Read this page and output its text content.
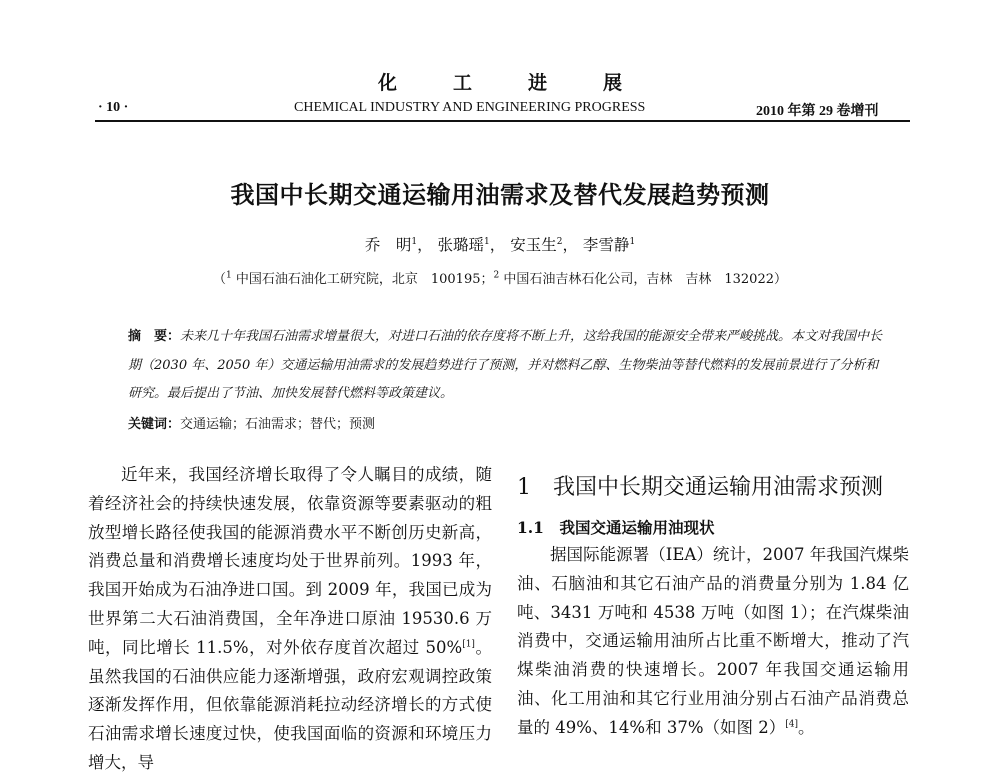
化工进展
· 10 ·	CHEMICAL INDUSTRY AND ENGINEERING PROGRESS	2010 年第 29 卷增刊
我国中长期交通运输用油需求及替代发展趋势预测
乔　明$^1$， 张璐瑶$^1$， 安玉生$^2$， 李雪静$^1$
（$^1$ 中国石油石油化工研究院，北京　100195；$^2$ 中国石油吉林石化公司，吉林　吉林　132022）
摘　要：未来几十年我国石油需求增量很大，对进口石油的依存度将不断上升，这给我国的能源安全带来严峻挑战。本文对我国中长期（2030 年、2050 年）交通运输用油需求的发展趋势进行了预测，并对燃料乙醇、生物柴油等替代燃料的发展前景进行了分析和研究。最后提出了节油、加快发展替代燃料等政策建议。
关键词：交通运输；石油需求；替代；预测
近年来，我国经济增长取得了令人瞩目的成绩，随着经济社会的持续快速发展，依靠资源等要素驱动的粗放型增长路径使我国的能源消费水平不断创历史新高，消费总量和消费增长速度均处于世界前列。1993 年，我国开始成为石油净进口国。到 2009 年，我国已成为世界第二大石油消费国，全年净进口原油 19530.6 万吨，同比增长 11.5%，对外依存度首次超过 50%[1]。虽然我国的石油供应能力逐渐增强，政府宏观调控政策逐渐发挥作用，但依靠能源消耗拉动经济增长的方式使石油需求增长速度过快，使我国面临的资源和环境压力增大，导
1　我国中长期交通运输用油需求预测
1.1　我国交通运输用油现状
据国际能源署（IEA）统计，2007 年我国汽煤柴油、石脑油和其它石油产品的消费量分别为 1.84 亿吨、3431 万吨和 4538 万吨（如图 1）；在汽煤柴油消费中，交通运输用油所占比重不断增大，推动了汽煤柴油消费的快速增长。2007 年我国交通运输用油、化工用油和其它行业用油分别占石油产品消费总量的 49%、14%和 37%（如图 2）[4]。
